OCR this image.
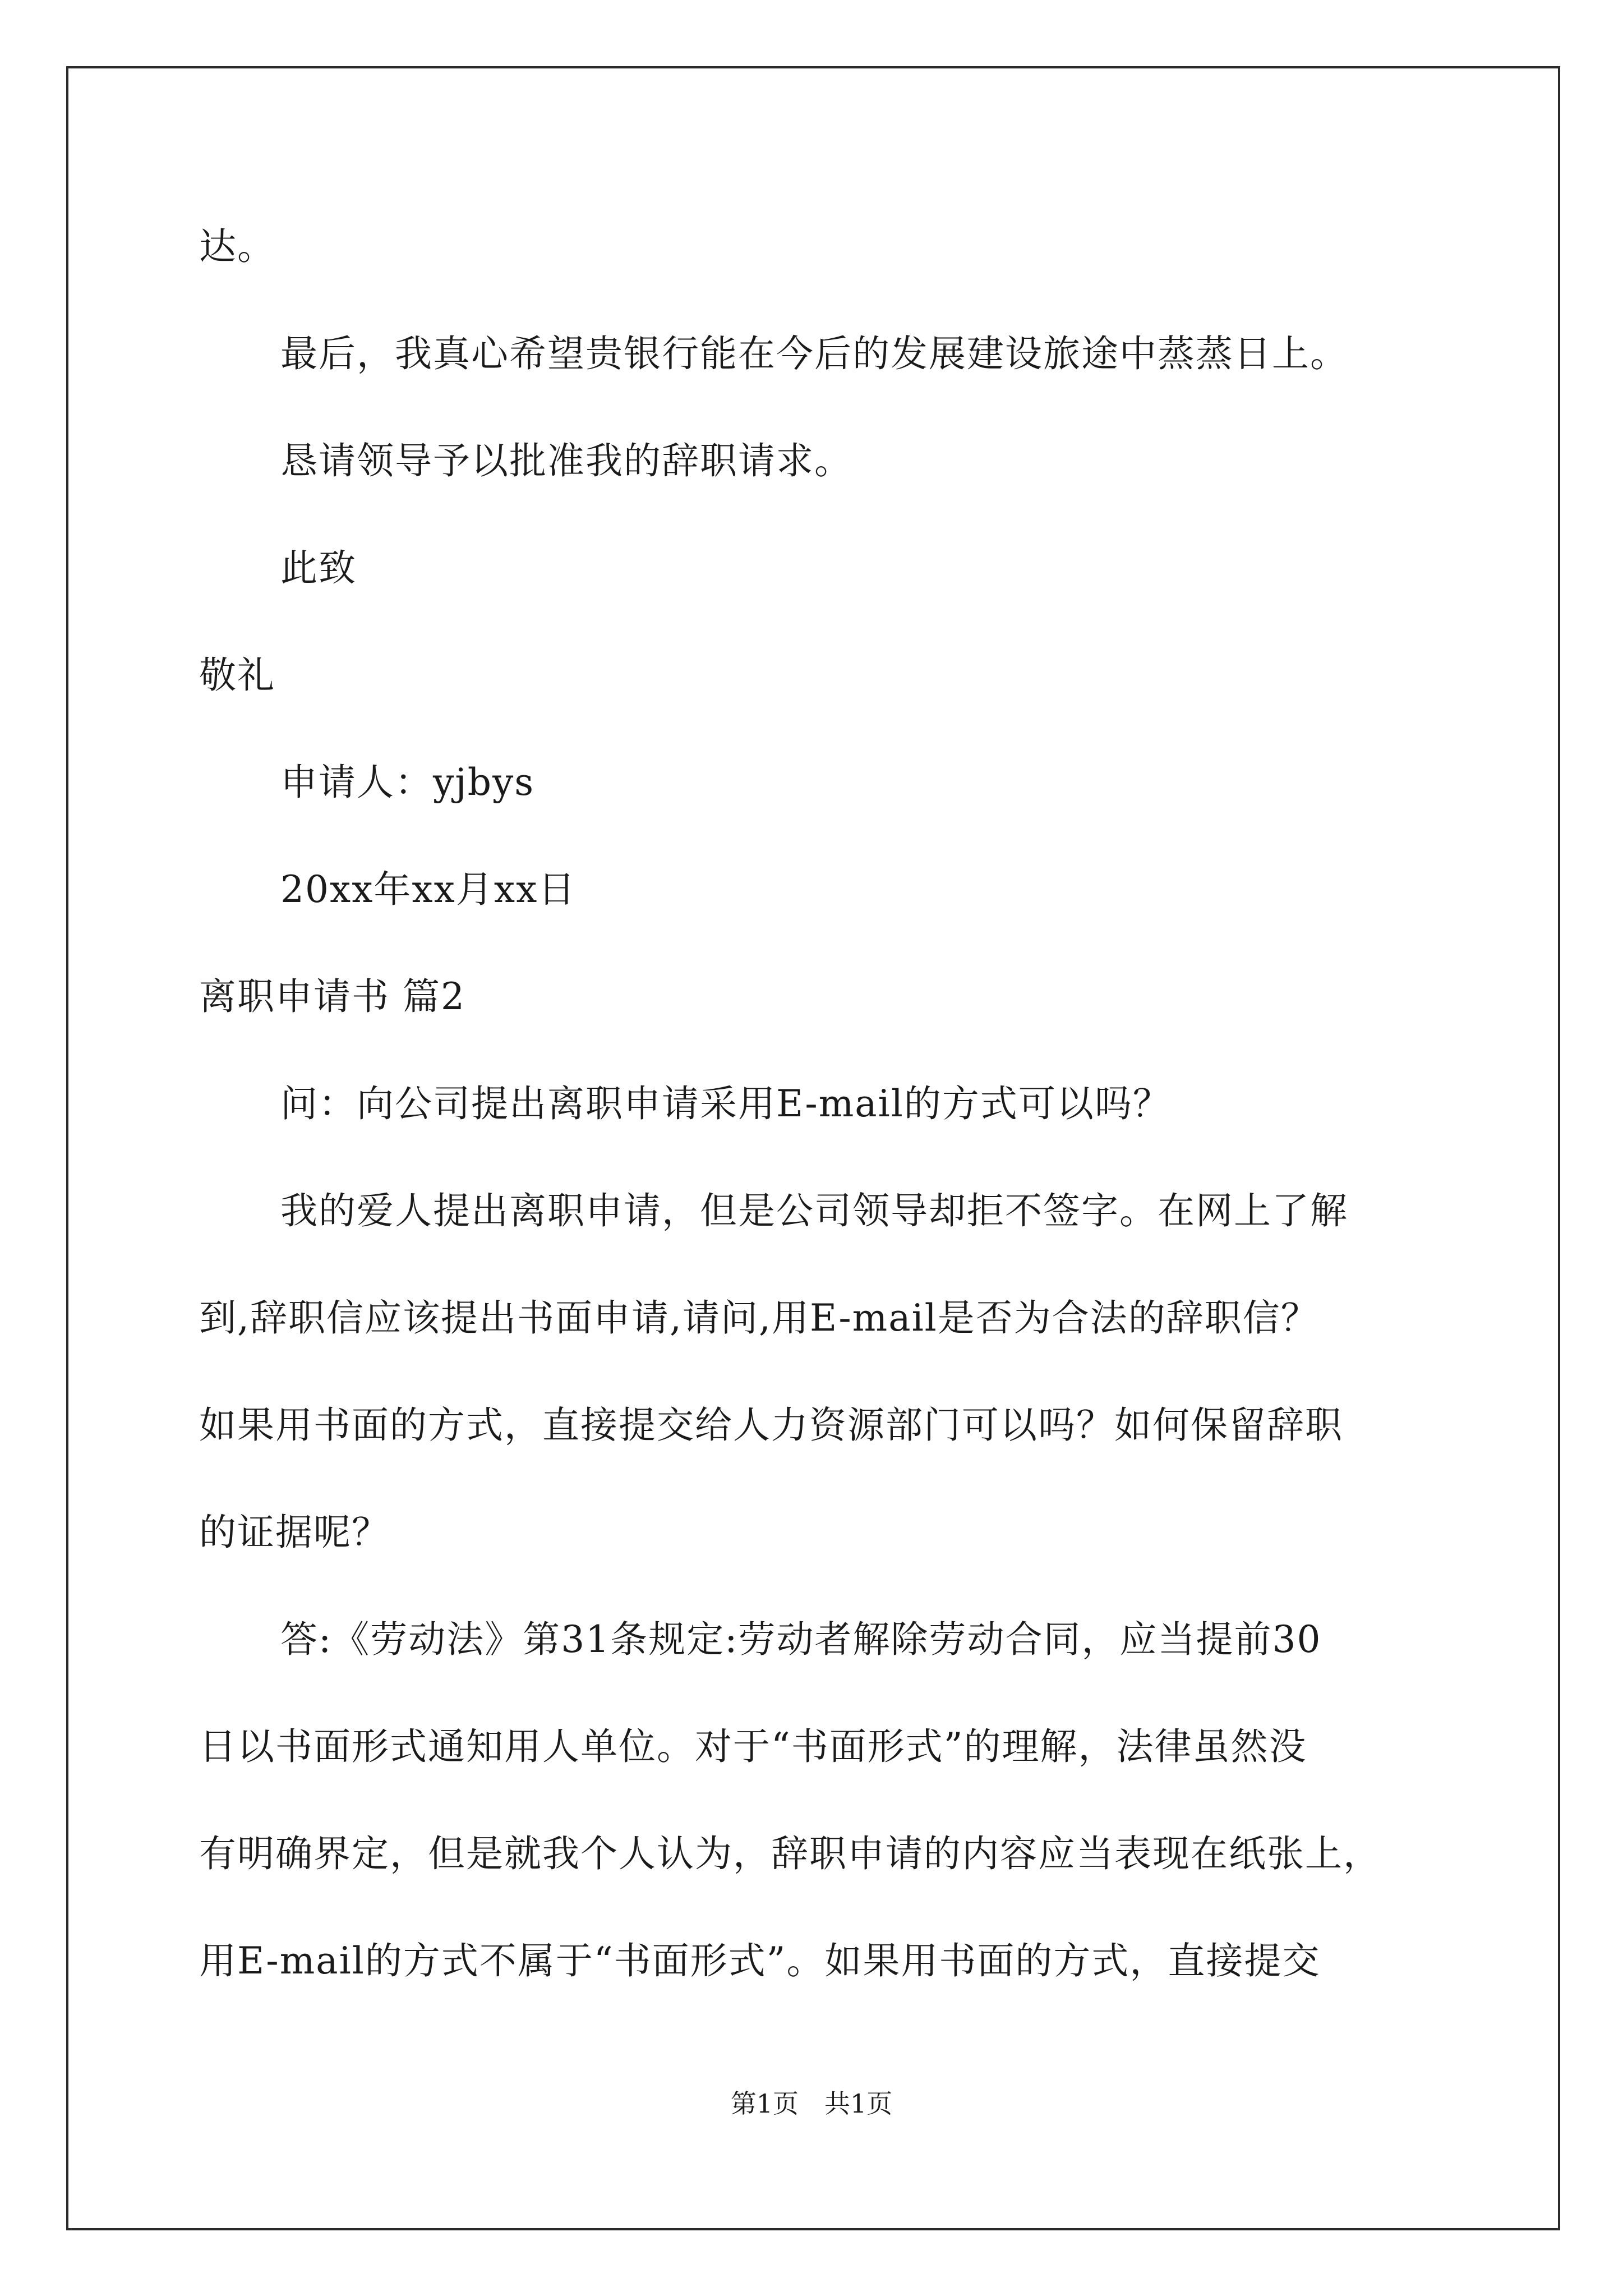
达。
最后，我真心希望贵银行能在今后的发展建设旅途中蒸蒸日上。
恳请领导予以批准我的辞职请求。
此致
敬礼
申请人：yjbys
20xx年xx月xx日
离职申请书 篇2
问：向公司提出离职申请采用E-mail的方式可以吗？
我的爱人提出离职申请，但是公司领导却拒不签字。在网上了解
到,辞职信应该提出书面申请,请问,用E-mail是否为合法的辞职信？
如果用书面的方式，直接提交给人力资源部门可以吗？如何保留辞职
的证据呢？
答:《劳动法》第31条规定:劳动者解除劳动合同，应当提前30
日以书面形式通知用人单位。对于“书面形式”的理解，法律虽然没
有明确界定，但是就我个人认为，辞职申请的内容应当表现在纸张上，
用E-mail的方式不属于“书面形式”。如果用书面的方式，直接提交
第1页　共1页
